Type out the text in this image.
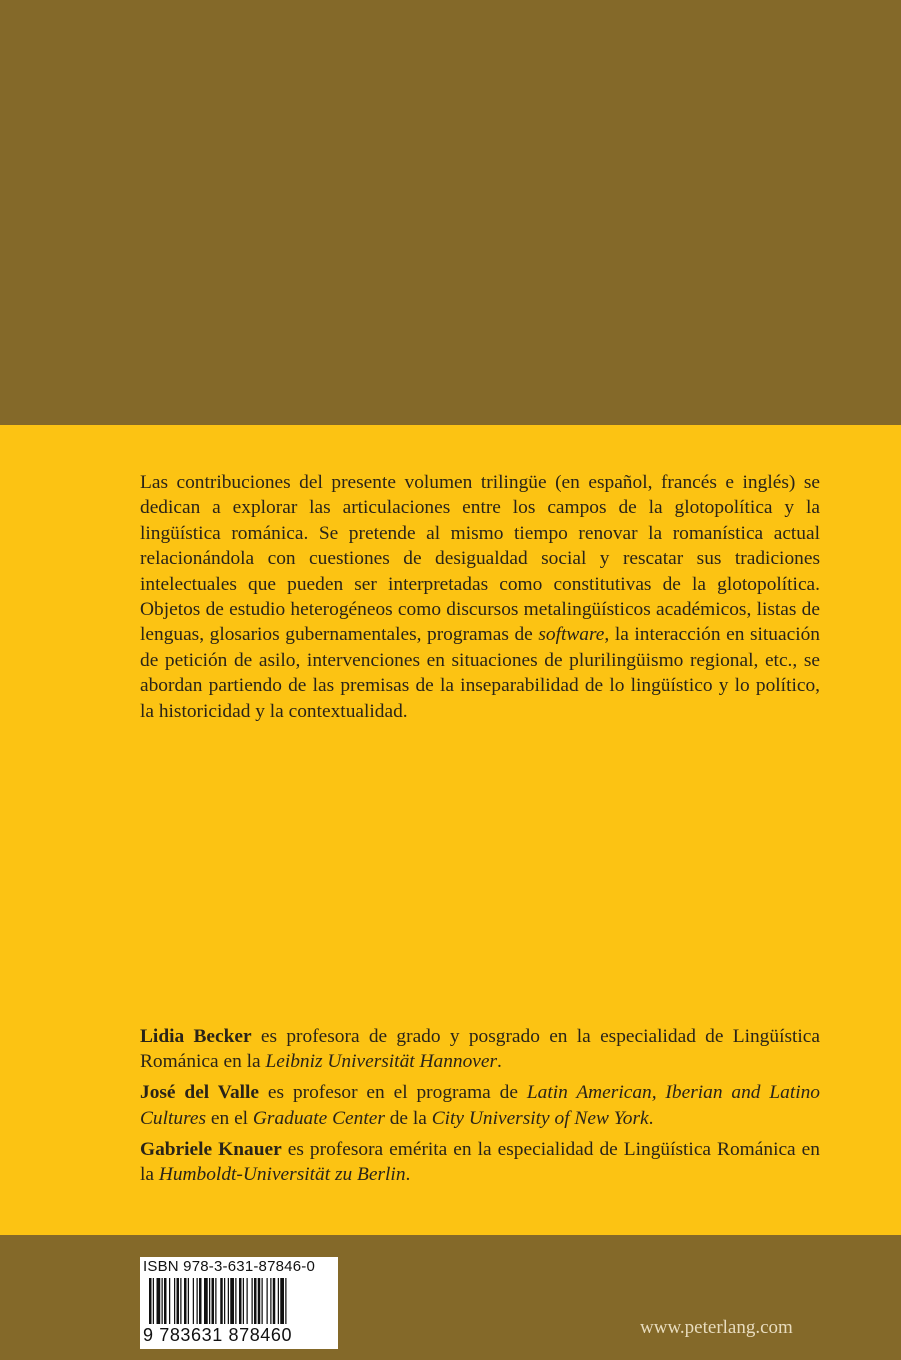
Las contribuciones del presente volumen trilingüe (en español, francés e inglés) se dedican a explorar las articulaciones entre los campos de la glotopolítica y la lingüística románica. Se pretende al mismo tiempo renovar la romanística actual relacionándola con cuestiones de desigualdad social y rescatar sus tradiciones intelectuales que pueden ser interpretadas como constitutivas de la glotopolítica. Objetos de estudio heterogéneos como discursos metalingüísticos académicos, listas de lenguas, glosarios gubernamentales, programas de software, la interacción en situación de petición de asilo, intervenciones en situaciones de plurilingüismo regional, etc., se abordan partiendo de las premisas de la inseparabilidad de lo lingüístico y lo político, la historicidad y la contextualidad.

Lidia Becker es profesora de grado y posgrado en la especialidad de Lingüística Románica en la Leibniz Universität Hannover.

José del Valle es profesor en el programa de Latin American, Iberian and Latino Cultures en el Graduate Center de la City University of New York.

Gabriele Knauer es profesora emérita en la especialidad de Lingüística Románica en la Humboldt-Universität zu Berlin.

ISBN 978-3-631-87846-0
9 783631 878460	www.peterlang.com
